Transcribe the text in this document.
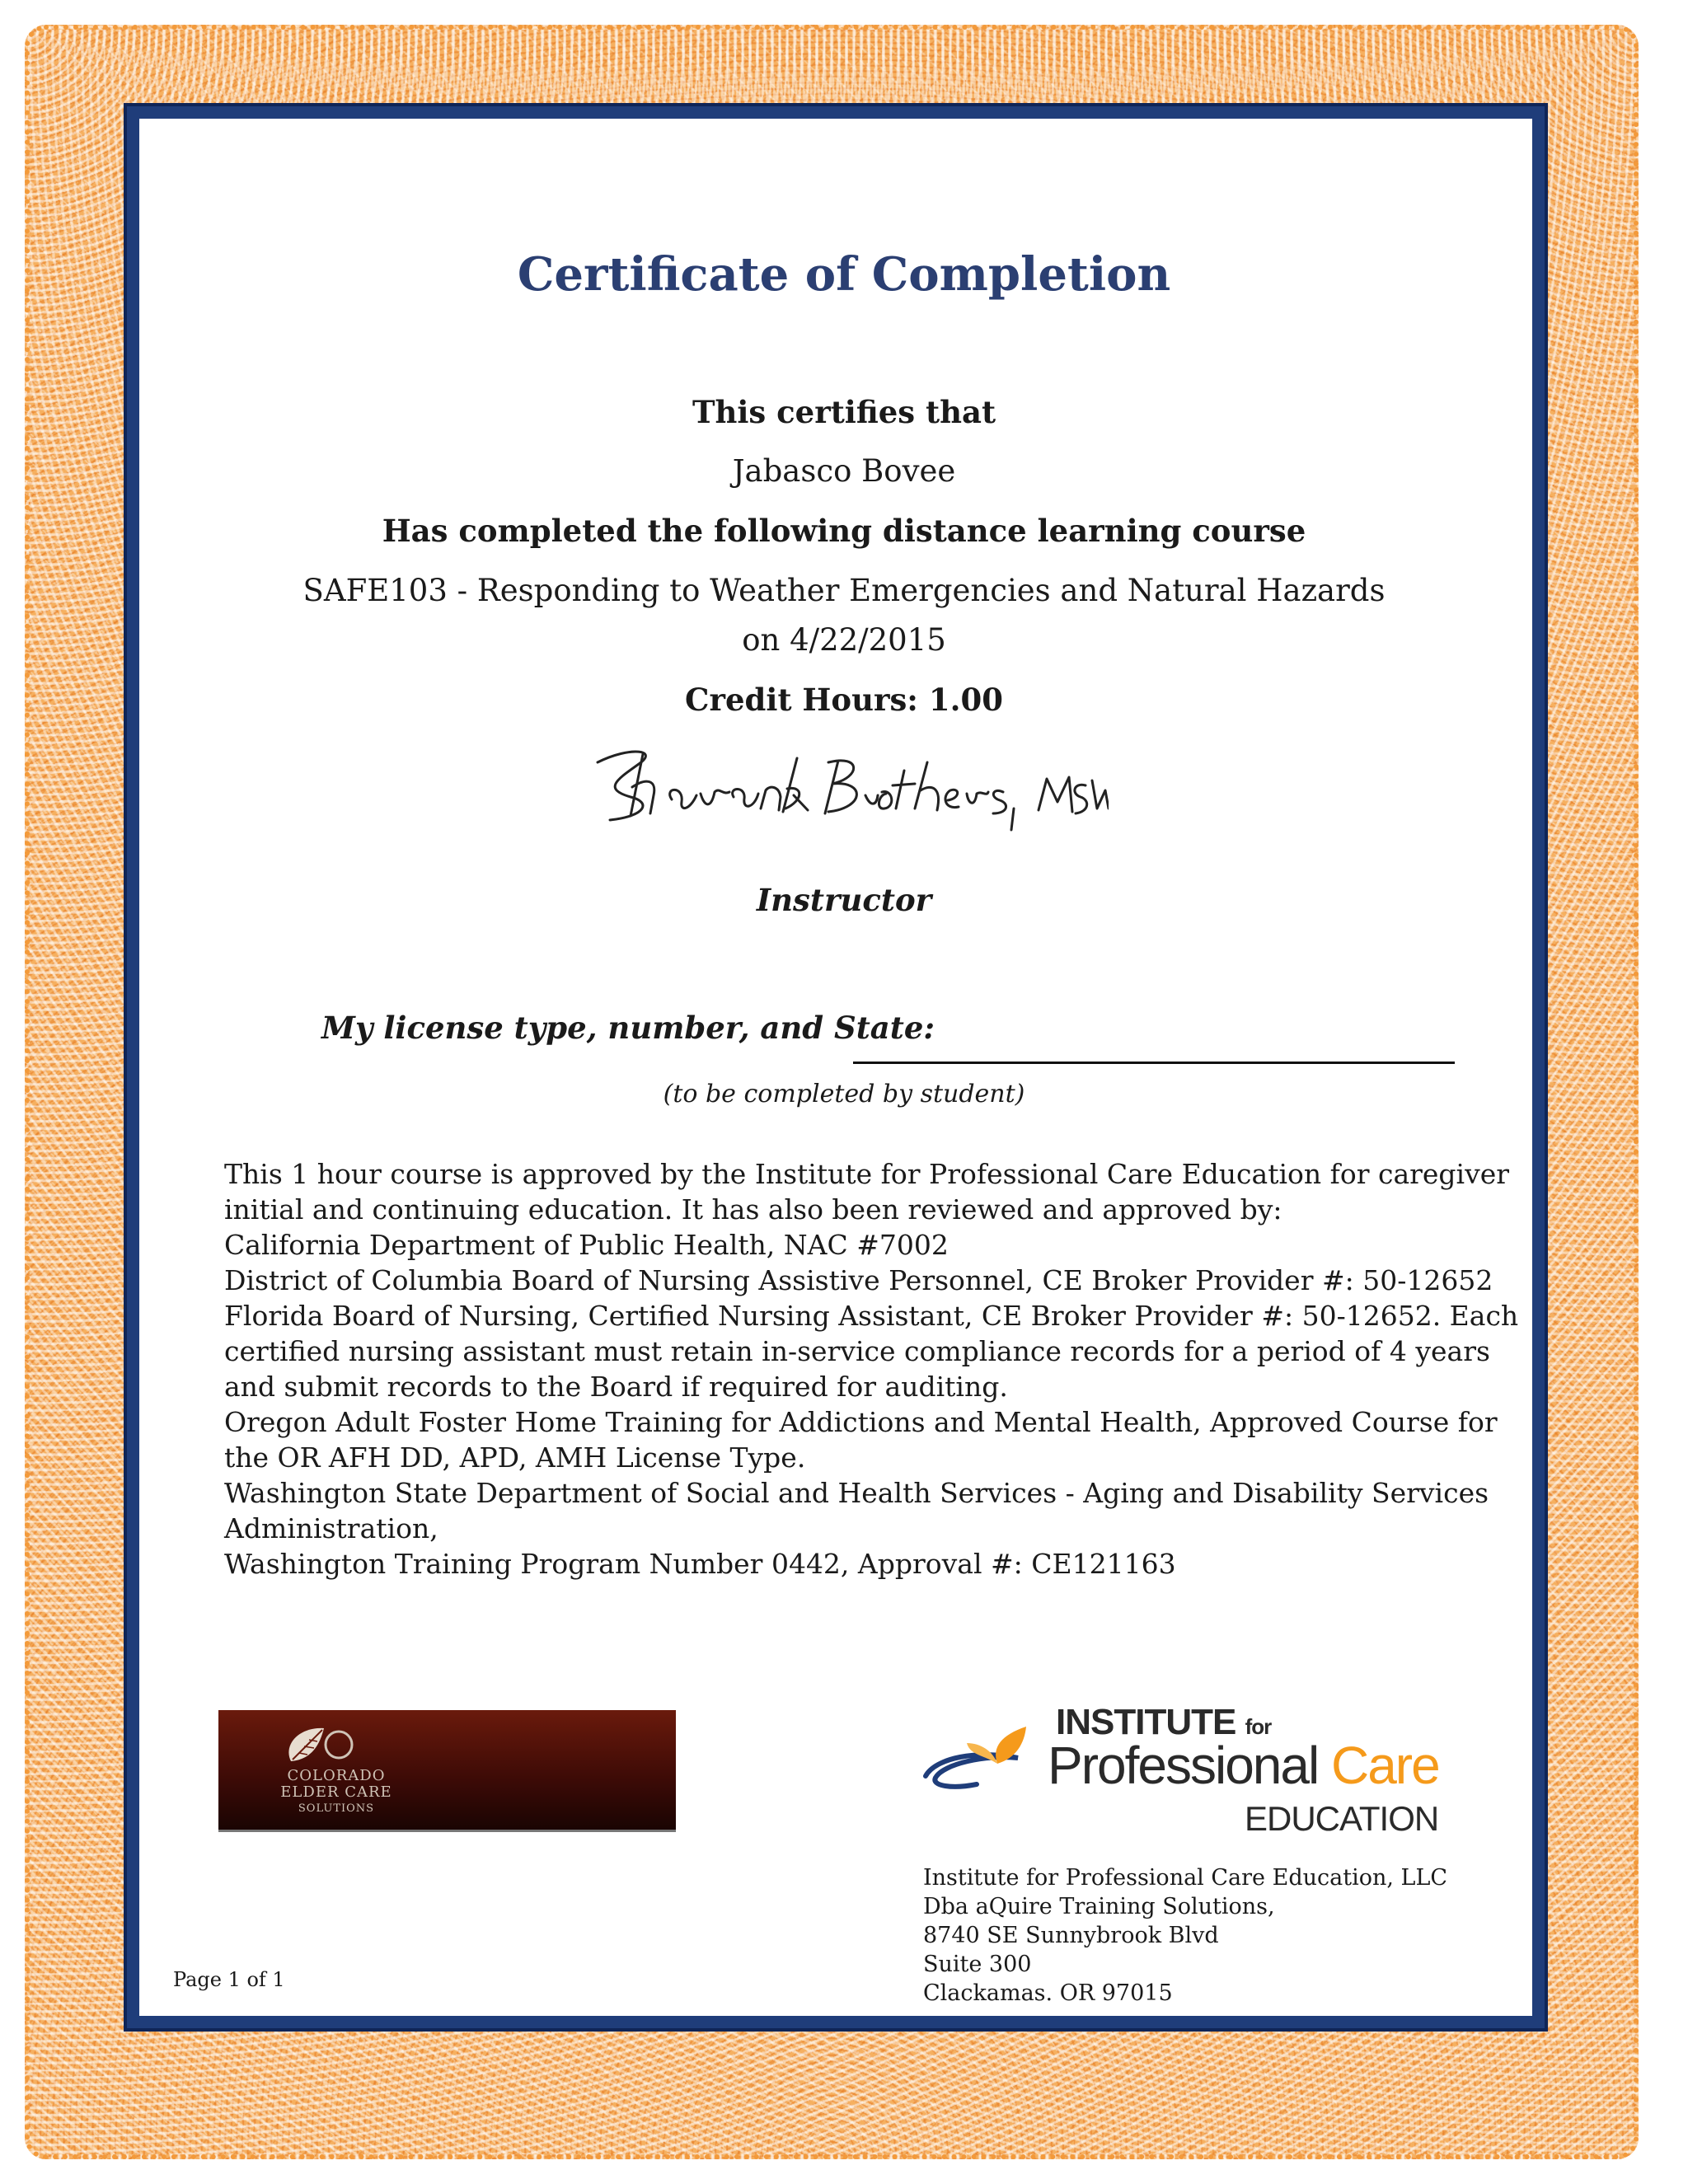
Certificate of Completion
This certifies that
Jabasco Bovee
Has completed the following distance learning course
SAFE103 - Responding to Weather Emergencies and Natural Hazards
on 4/22/2015
Credit Hours: 1.00
Instructor
My license type, number, and State:
(to be completed by student)
This 1 hour course is approved by the Institute for Professional Care Education for caregiver
initial and continuing education. It has also been reviewed and approved by:
California Department of Public Health, NAC #7002
District of Columbia Board of Nursing Assistive Personnel, CE Broker Provider #: 50-12652
Florida Board of Nursing, Certified Nursing Assistant, CE Broker Provider #: 50-12652. Each
certified nursing assistant must retain in-service compliance records for a period of 4 years
and submit records to the Board if required for auditing.
Oregon Adult Foster Home Training for Addictions and Mental Health, Approved Course for
the OR AFH DD, APD, AMH License Type.
Washington State Department of Social and Health Services - Aging and Disability Services
Administration,
Washington Training Program Number 0442, Approval #: CE121163
COLORADO
ELDER CARE
SOLUTIONS
INSTITUTE for
Professional Care
EDUCATION
Institute for Professional Care Education, LLC
Dba aQuire Training Solutions,
8740 SE Sunnybrook Blvd
Suite 300
Clackamas. OR 97015
Page 1 of 1
